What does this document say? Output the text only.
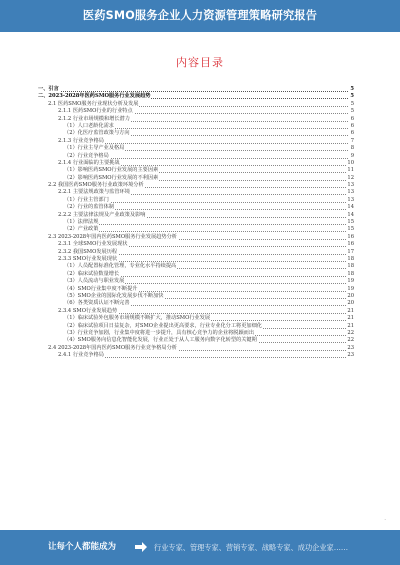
医药SMO服务企业人力资源管理策略研究报告
内容目录
一、引言	5
二、2023-2028年医药SMO服务行业发展趋势	5
2.1 医药SMO服务行业现状分析及发展	5
2.1.1 医药SMO行业的行业特点	5
2.1.2 行业市场规模和增长潜力	6
（1）人口老龄化需求	6
（2）化医疗监管政策与方向	6
2.1.3 行业竞争格局	7
（1）行业主导产业及格局	8
（2）行业竞争格局	9
2.1.4 行业面临的主要挑战	10
（1）影响医药SMO行业发展的主要因素	11
（2）影响医药SMO行业发展的不利因素	12
2.2 我国医药SMO服务行业政策环境分析	13
2.2.1 主要法规政策与监管环境	13
（1）行业主管部门	13
（2）行业的监管体制	14
2.2.2 主要法律法规及产业政策及影响	14
（1）法律法规	15
（2）产业政策	15
2.3 2023-2028年国内医药SMO服务行业发展趋势分析	16
2.3.1 全球SMO行业发展现状	16
2.3.2 我国SMO发展历程	17
2.3.3 SMO行业发展现状	18
（1）人员配置标准化管理，专业化水平持续提高	18
（2）临床试验数量增长	18
（3）人员流动与职业发展	19
（4）SMO行业集中度不断提升	19
（5）SMO企业的国际化发展步伐不断加快	20
（6）各类资质认证不断完善	20
2.3.4 SMO行业发展趋势	21
（1）临床试验外包服务市场规模不断扩大，推动SMO行业发展	21
（2）临床试验项目日益复杂，对SMO企业提出更高要求，行业专业化分工将更加细化	21
（3）行业竞争加剧，行业集中度将进一步提升，具有核心竞争力的企业将脱颖而出	22
（4）SMO服务向信息化智能化发展，行业正处于从人工服务向数字化转型的关键期	22
2.4 2023-2028年国内医药SMO服务行业竞争格局分析	23
2.4.1 行业竞争格局	23
-
让每个人都能成为	行业专家、管理专家、营销专家、战略专家、成功企业家……
